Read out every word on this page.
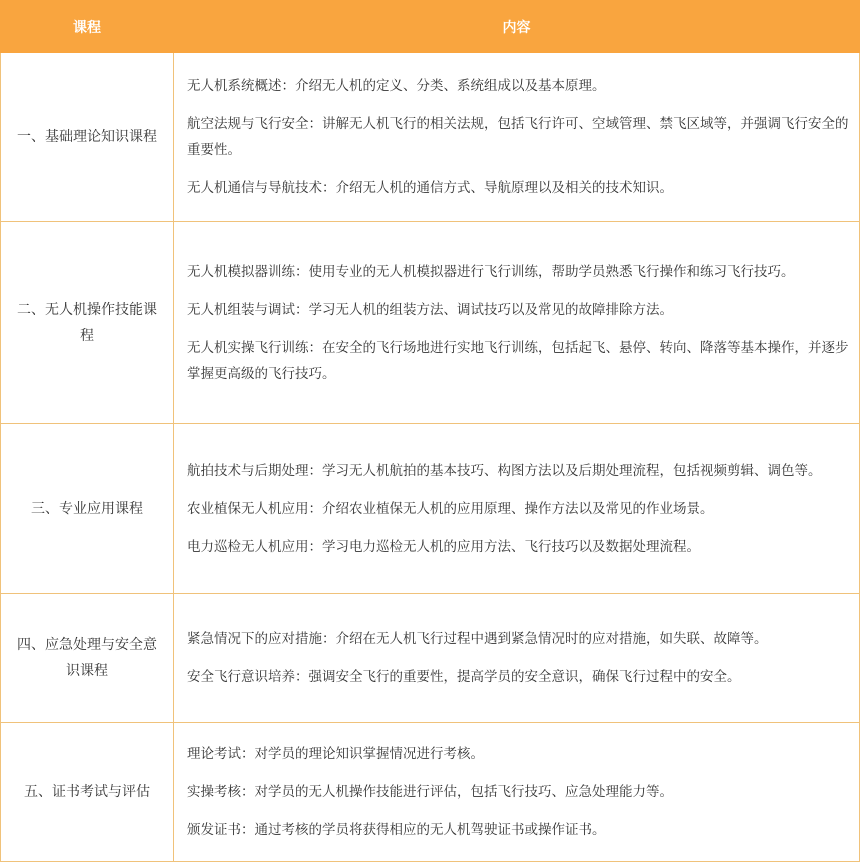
课程	内容
一、基础理论知识课程	无人机系统概述：介绍无人机的定义、分类、系统组成以及基本原理。

航空法规与飞行安全：讲解无人机飞行的相关法规，包括飞行许可、空域管理、禁飞区域等，并强调飞行安全的重要性。

无人机通信与导航技术：介绍无人机的通信方式、导航原理以及相关的技术知识。

二、无人机操作技能课程	无人机模拟器训练：使用专业的无人机模拟器进行飞行训练，帮助学员熟悉飞行操作和练习飞行技巧。

无人机组装与调试：学习无人机的组装方法、调试技巧以及常见的故障排除方法。

无人机实操飞行训练：在安全的飞行场地进行实地飞行训练，包括起飞、悬停、转向、降落等基本操作，并逐步掌握更高级的飞行技巧。

三、专业应用课程	航拍技术与后期处理：学习无人机航拍的基本技巧、构图方法以及后期处理流程，包括视频剪辑、调色等。

农业植保无人机应用：介绍农业植保无人机的应用原理、操作方法以及常见的作业场景。

电力巡检无人机应用：学习电力巡检无人机的应用方法、飞行技巧以及数据处理流程。

四、应急处理与安全意识课程	紧急情况下的应对措施：介绍在无人机飞行过程中遇到紧急情况时的应对措施，如失联、故障等。

安全飞行意识培养：强调安全飞行的重要性，提高学员的安全意识，确保飞行过程中的安全。

五、证书考试与评估	理论考试：对学员的理论知识掌握情况进行考核。

实操考核：对学员的无人机操作技能进行评估，包括飞行技巧、应急处理能力等。

颁发证书：通过考核的学员将获得相应的无人机驾驶证书或操作证书。
